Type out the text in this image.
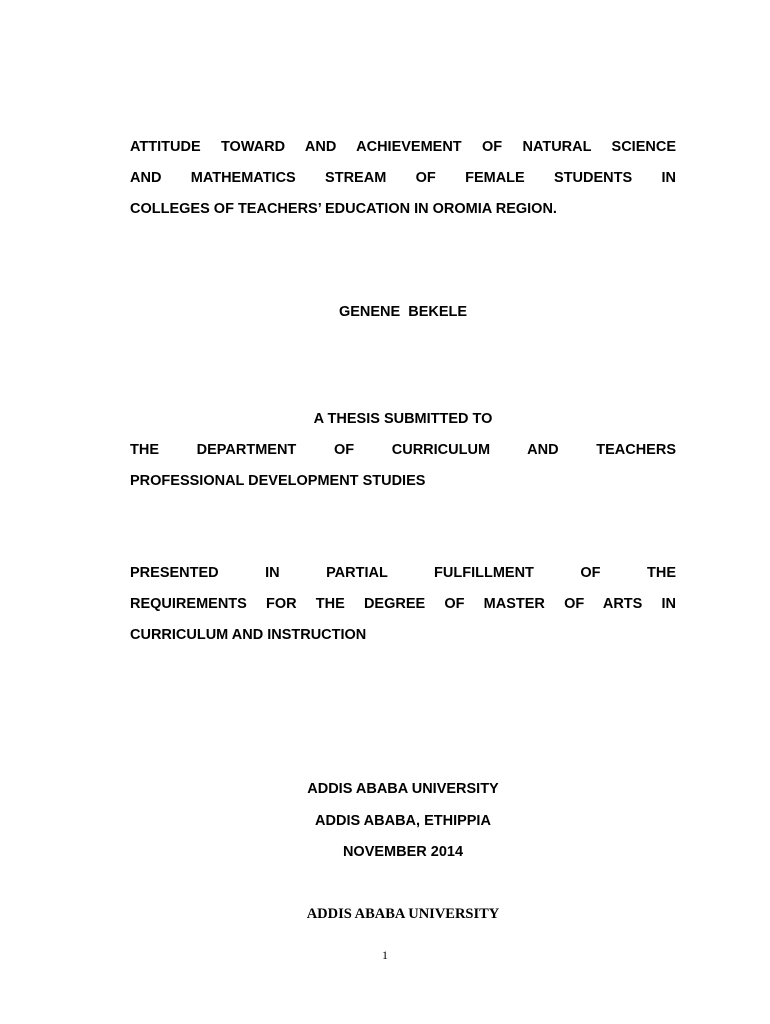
ATTITUDE TOWARD AND ACHIEVEMENT OF NATURAL SCIENCE
AND MATHEMATICS STREAM OF FEMALE STUDENTS IN
COLLEGES OF TEACHERS’ EDUCATION IN OROMIA REGION.
GENENE  BEKELE
A THESIS SUBMITTED TO
THE DEPARTMENT OF CURRICULUM AND TEACHERS
PROFESSIONAL DEVELOPMENT STUDIES
PRESENTED IN PARTIAL FULFILLMENT OF THE
REQUIREMENTS FOR THE DEGREE OF MASTER OF ARTS IN
CURRICULUM AND INSTRUCTION
ADDIS ABABA UNIVERSITY
ADDIS ABABA, ETHIPPIA
NOVEMBER 2014
ADDIS ABABA UNIVERSITY
1
